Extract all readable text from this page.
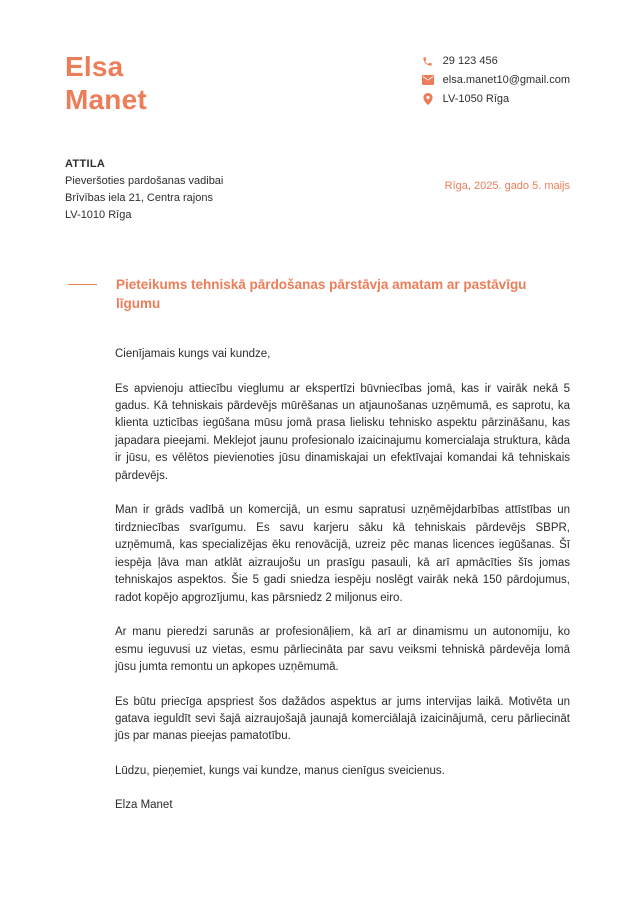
Elsa
Manet
29 123 456
elsa.manet10@gmail.com
LV-1050 Rīga
ATTILA
Pieveršoties pardošanas vadibai
Brīvības iela 21, Centra rajons
LV-1010 Rīga
Rīga, 2025. gado 5. maijs
Pieteikums tehniskā pārdošanas pārstāvja amatam ar pastāvīgu līgumu

Cienījamais kungs vai kundze,

Es apvienoju attiecību vieglumu ar ekspertīzi būvniecības jomā, kas ir vairāk nekā 5 gadus. Kā tehniskais pārdevējs mūrēšanas un atjaunošanas uzņēmumā, es saprotu, ka klienta uzticības iegūšana mūsu jomā prasa lielisku tehnisko aspektu pārzināšanu, kas japadara pieejami. Meklejot jaunu profesionalo izaicinajumu komercialaja struktura, kāda ir jūsu, es vēlētos pievienoties jūsu dinamiskajai un efektīvajai komandai kā tehniskais pārdevējs.

Man ir grāds vadībā un komercijā, un esmu sapratusi uzņēmējdarbības attīstības un tirdzniecības svarīgumu. Es savu karjeru sāku kā tehniskais pārdevējs SBPR, uzņēmumā, kas specializējas ēku renovācijā, uzreiz pēc manas licences iegūšanas. Šī iespēja ļāva man atklāt aizraujošu un prasīgu pasauli, kā arī apmācīties šīs jomas tehniskajos aspektos. Šie 5 gadi sniedza iespēju noslēgt vairāk nekā 150 pārdojumus, radot kopējo apgrozījumu, kas pārsniedz 2 miljonus eiro.

Ar manu pieredzi sarunās ar profesionāļiem, kā arī ar dinamismu un autonomiju, ko esmu ieguvusi uz vietas, esmu pārliecināta par savu veiksmi tehniskā pārdevēja lomā jūsu jumta remontu un apkopes uzņēmumā.

Es būtu priecīga apspriest šos dažādos aspektus ar jums intervijas laikā. Motivēta un gatava ieguldīt sevi šajā aizraujošajā jaunajā komerciālajā izaicinājumā, ceru pārliecināt jūs par manas pieejas pamatotību.

Lūdzu, pieņemiet, kungs vai kundze, manus cienīgus sveicienus.

Elza Manet
